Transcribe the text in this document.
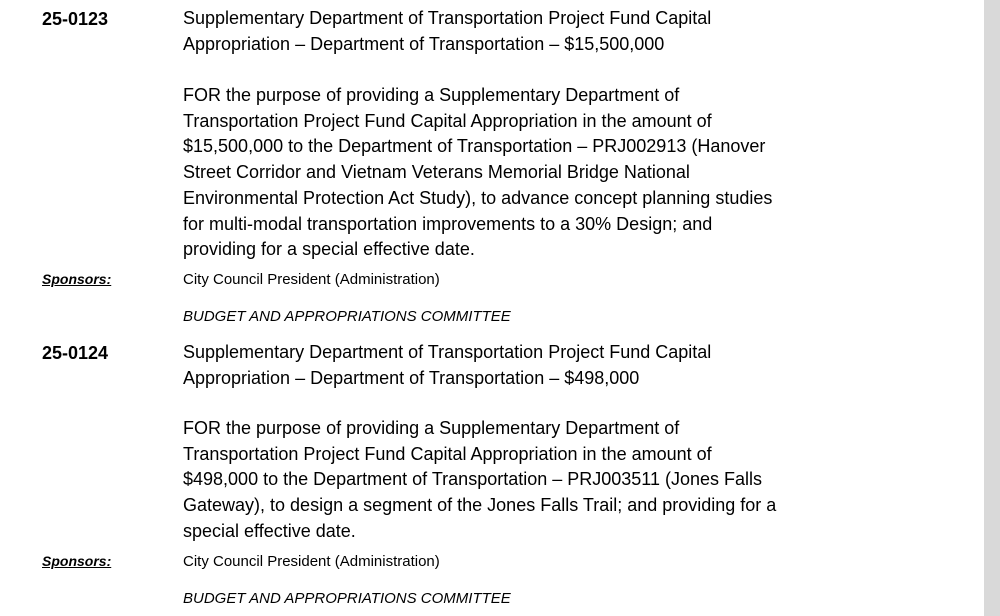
25-0123	Supplementary Department of Transportation Project Fund Capital
Appropriation – Department of Transportation – $15,500,000
FOR the purpose of providing a Supplementary Department of
Transportation Project Fund Capital Appropriation in the amount of
$15,500,000 to the Department of Transportation – PRJ002913 (Hanover
Street Corridor and Vietnam Veterans Memorial Bridge National
Environmental Protection Act Study), to advance concept planning studies
for multi-modal transportation improvements to a 30% Design; and
providing for a special effective date.
Sponsors:	City Council President (Administration)
BUDGET AND APPROPRIATIONS COMMITTEE
25-0124	Supplementary Department of Transportation Project Fund Capital
Appropriation – Department of Transportation – $498,000
FOR the purpose of providing a Supplementary Department of
Transportation Project Fund Capital Appropriation in the amount of
$498,000 to the Department of Transportation – PRJ003511 (Jones Falls
Gateway), to design a segment of the Jones Falls Trail; and providing for a
special effective date.
Sponsors:	City Council President (Administration)
BUDGET AND APPROPRIATIONS COMMITTEE
